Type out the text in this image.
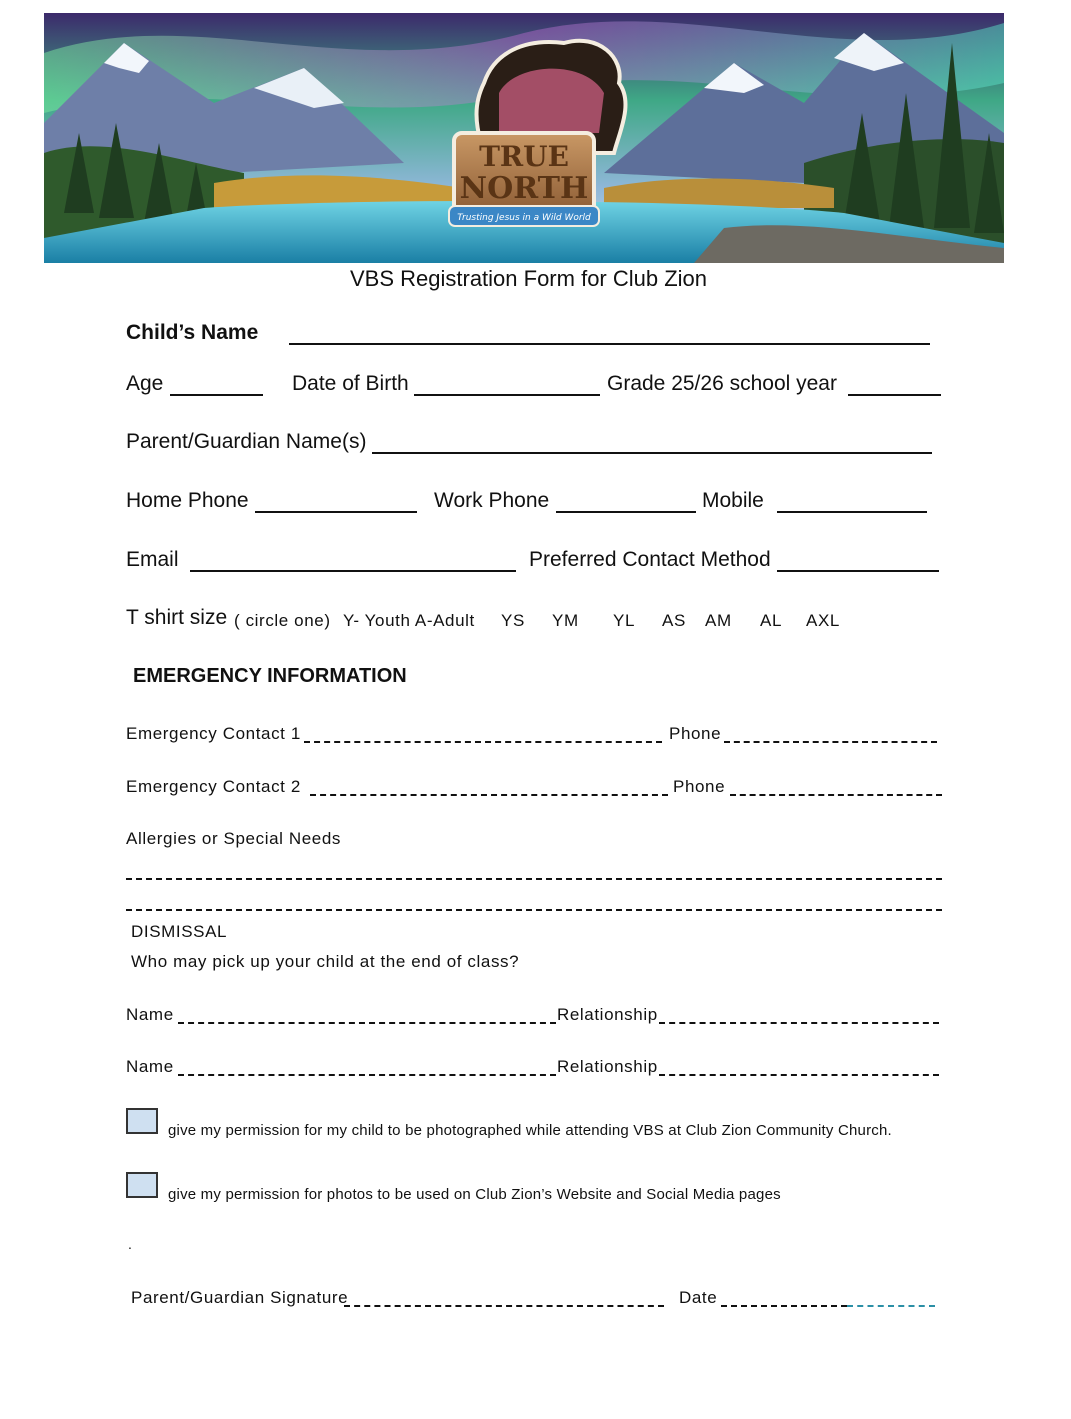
TRUE
NORTH
Trusting Jesus in a Wild World
VBS Registration Form for Club Zion
Child’s Name
Age	Date of Birth	Grade 25/26 school year
Parent/Guardian Name(s)
Home Phone	Work Phone	Mobile
Email	Preferred Contact Method
T shirt size ( circle one) Y- Youth A-Adult YS YM YL AS AM AL AXL
EMERGENCY INFORMATION
Emergency Contact 1	Phone
Emergency Contact 2	Phone
Allergies or Special Needs
DISMISSAL
Who may pick up your child at the end of class?
Name	Relationship
Name	Relationship
give my permission for my child to be photographed while attending VBS at Club Zion Community Church.
give my permission for photos to be used on Club Zion’s Website and Social Media pages
.
Parent/Guardian Signature	Date
